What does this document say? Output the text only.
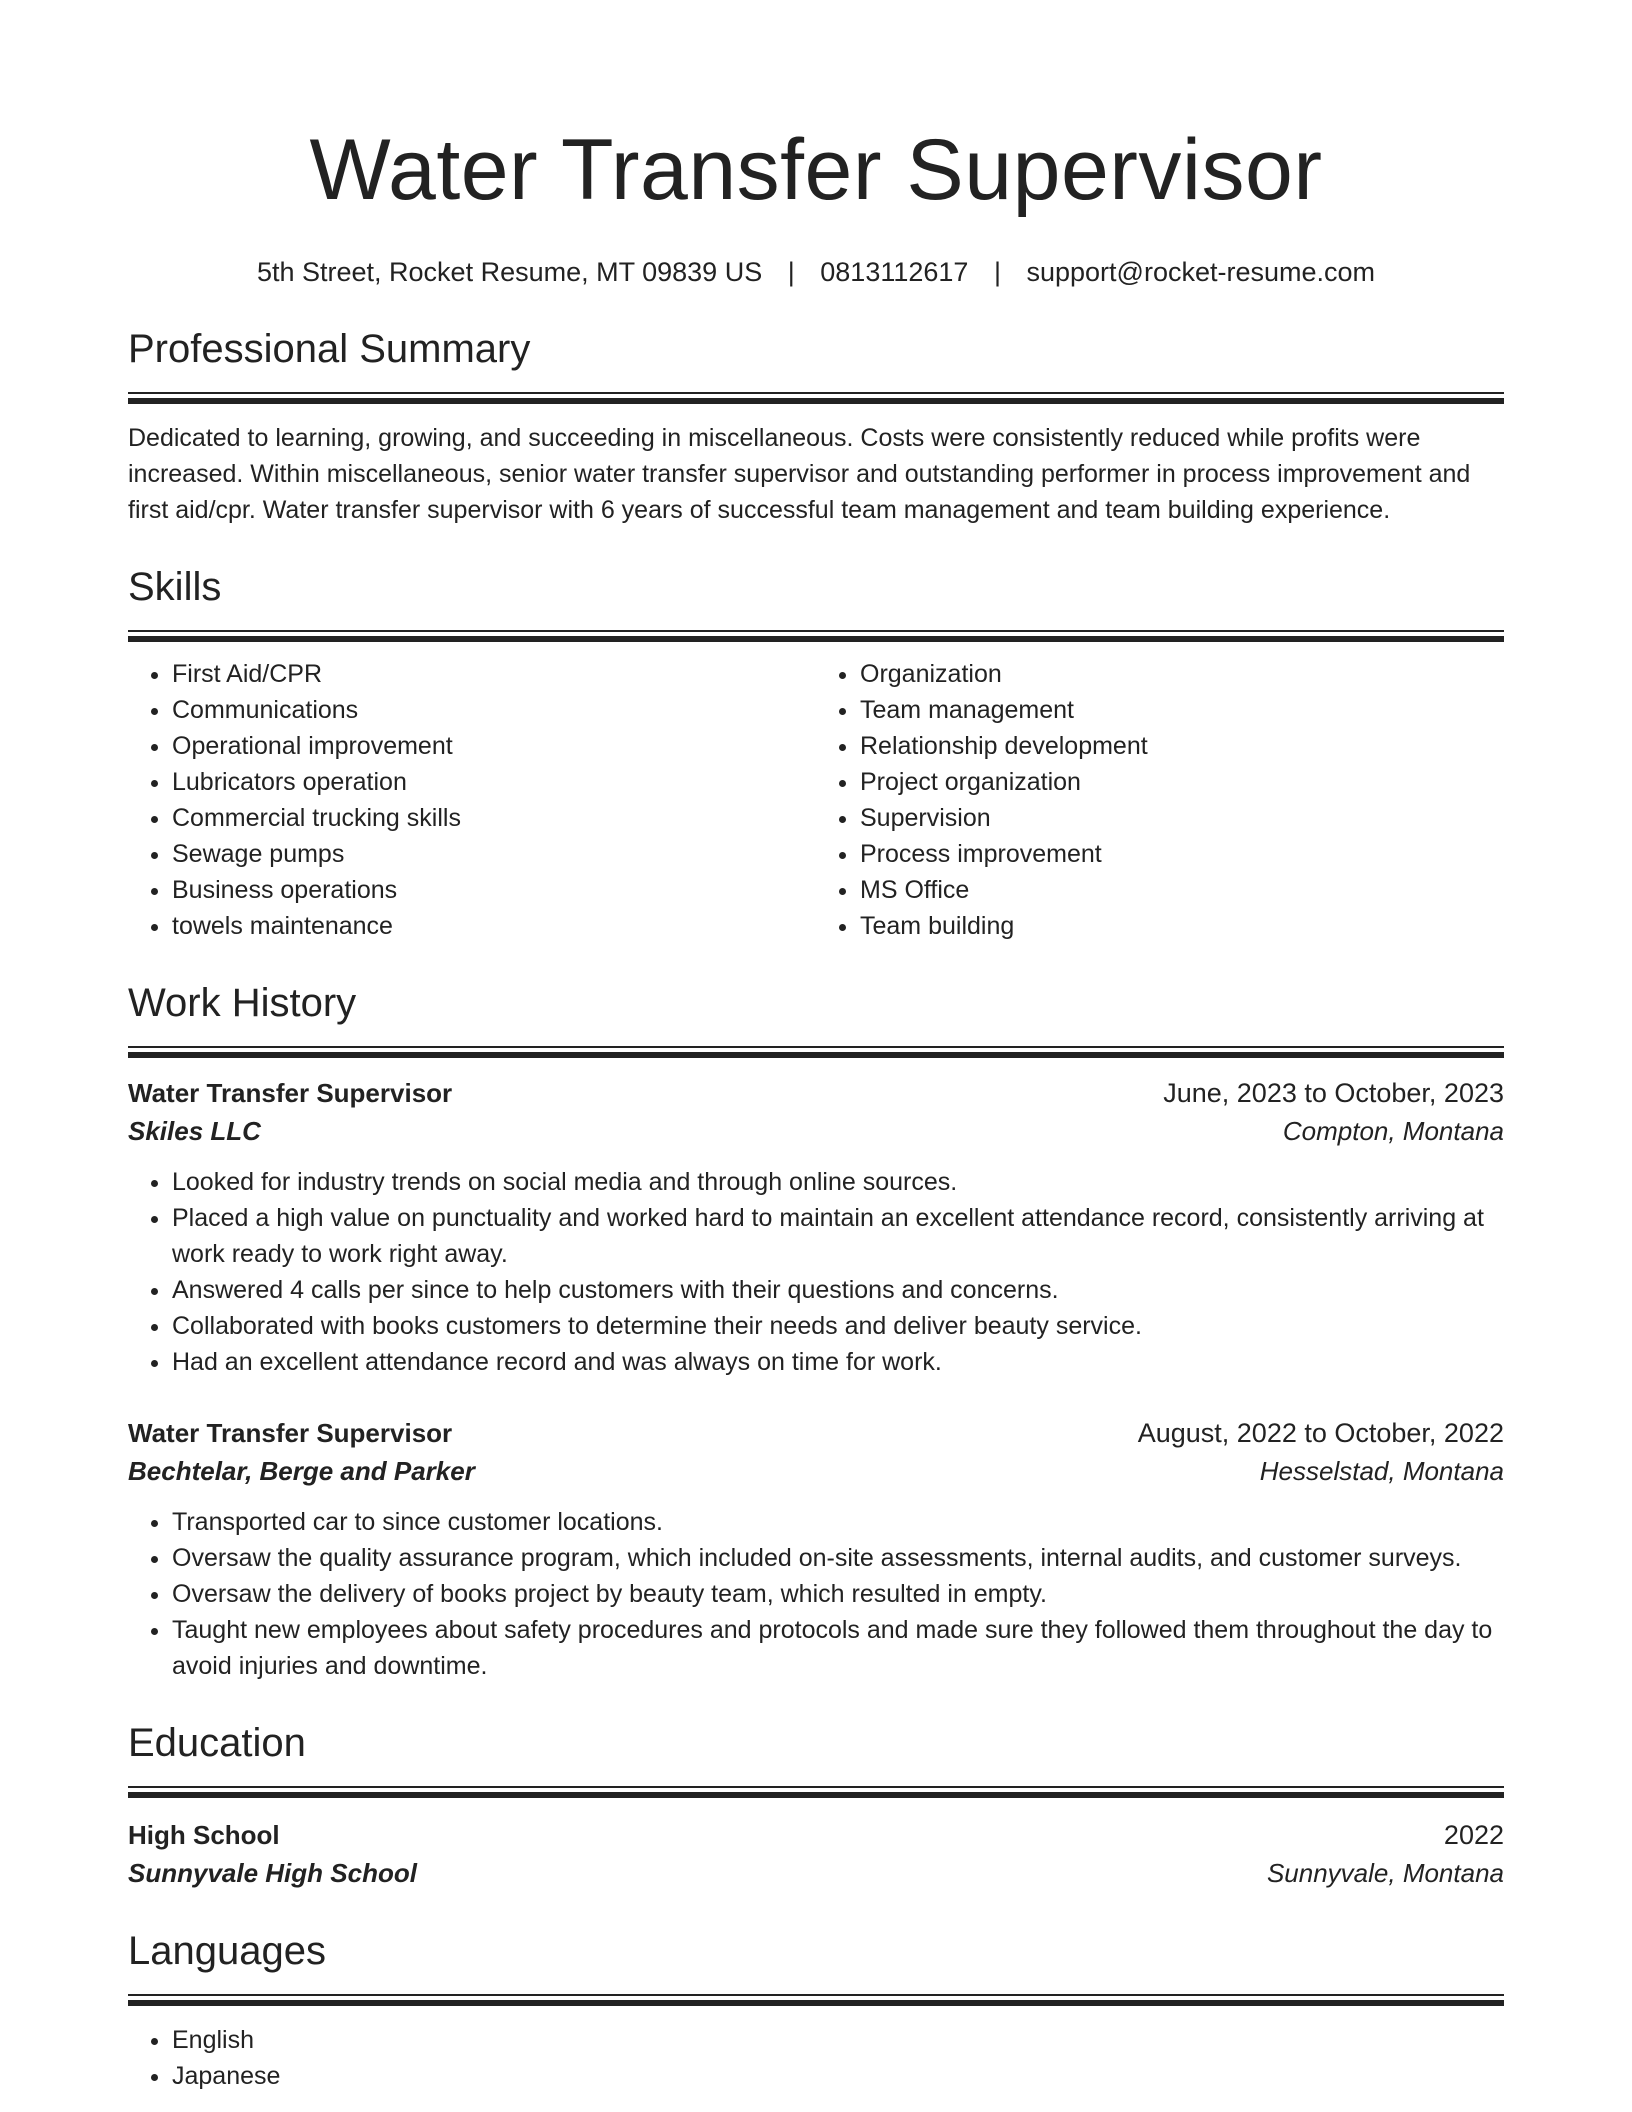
Water Transfer Supervisor
5th Street, Rocket Resume, MT 09839 US | 0813112617 | support@rocket-resume.com
Professional Summary
Dedicated to learning, growing, and succeeding in miscellaneous. Costs were consistently reduced while profits were increased. Within miscellaneous, senior water transfer supervisor and outstanding performer in process improvement and first aid/cpr. Water transfer supervisor with 6 years of successful team management and team building experience.
Skills
• First Aid/CPR
• Communications
• Operational improvement
• Lubricators operation
• Commercial trucking skills
• Sewage pumps
• Business operations
• towels maintenance
• Organization
• Team management
• Relationship development
• Project organization
• Supervision
• Process improvement
• MS Office
• Team building
Work History
Water Transfer Supervisor	June, 2023 to October, 2023
Skiles LLC	Compton, Montana
• Looked for industry trends on social media and through online sources.
• Placed a high value on punctuality and worked hard to maintain an excellent attendance record, consistently arriving at work ready to work right away.
• Answered 4 calls per since to help customers with their questions and concerns.
• Collaborated with books customers to determine their needs and deliver beauty service.
• Had an excellent attendance record and was always on time for work.
Water Transfer Supervisor	August, 2022 to October, 2022
Bechtelar, Berge and Parker	Hesselstad, Montana
• Transported car to since customer locations.
• Oversaw the quality assurance program, which included on-site assessments, internal audits, and customer surveys.
• Oversaw the delivery of books project by beauty team, which resulted in empty.
• Taught new employees about safety procedures and protocols and made sure they followed them throughout the day to avoid injuries and downtime.
Education
High School	2022
Sunnyvale High School	Sunnyvale, Montana
Languages
• English
• Japanese
